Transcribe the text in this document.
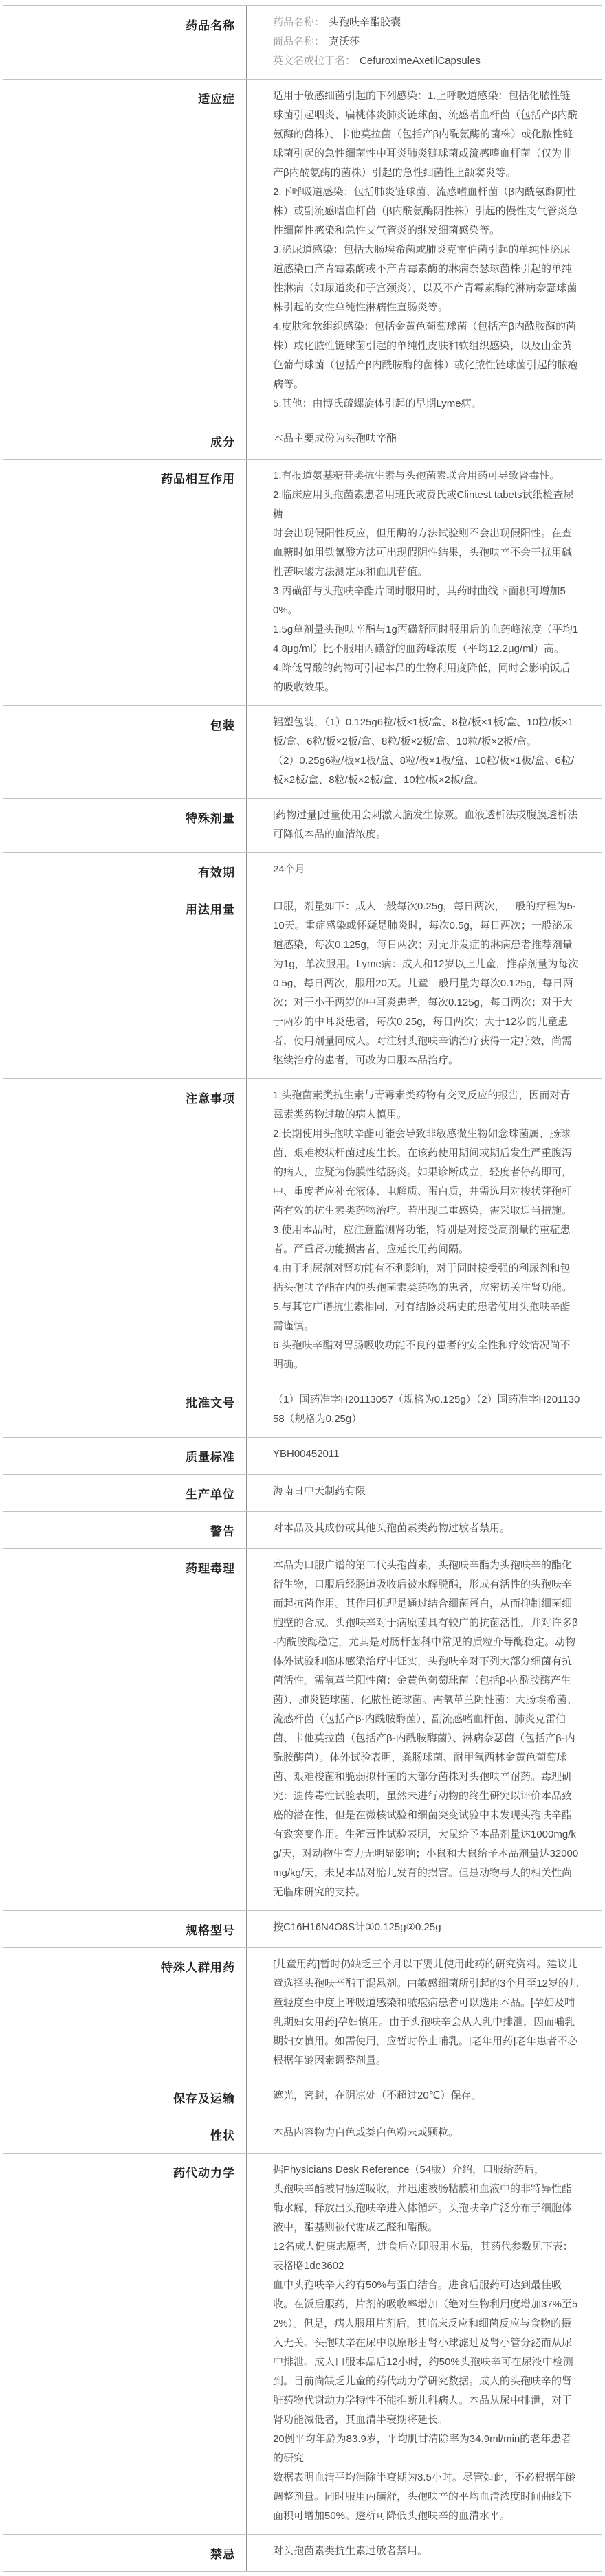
药品名称	药品名称： 头孢呋辛酯胶囊

商品名称： 克沃莎

英文名或拉丁名： CefuroximeAxetilCapsules

适应症	适用于敏感细菌引起的下列感染：1.上呼吸道感染：包括化脓性链球菌引起咽炎、扁桃体炎肺炎链球菌、流感嗜血杆菌（包括产β内酰氨酶的菌株）、卡他莫拉菌（包括产β内酰氨酶的菌株）或化脓性链球菌引起的急性细菌性中耳炎肺炎链球菌或流感嗜血杆菌（仅为非产β内酰氨酶的菌株）引起的急性细菌性上颌窦炎等。

2.下呼吸道感染：包括肺炎链球菌、流感嗜血杆菌（β内酰氨酶阴性株）或副流感嗜血杆菌（β内酰氨酶阴性株）引起的慢性支气管炎急性细菌性感染和急性支气管炎的继发细菌感染等。

3.泌尿道感染：包括大肠埃希菌或肺炎克雷伯菌引起的单纯性泌尿道感染由产青霉素酶或不产青霉素酶的淋病奈瑟球菌株引起的单纯性淋病（如尿道炎和子宫颈炎），以及不产青霉素酶的淋病奈瑟球菌株引起的女性单纯性淋病性直肠炎等。

4.皮肤和软组织感染：包括金黄色葡萄球菌（包括产β内酰胺酶的菌株）或化脓性链球菌引起的单纯性皮肤和软组织感染，以及由金黄色葡萄球菌（包括产β内酰胺酶的菌株）或化脓性链球菌引起的脓疱病等。

5.其他：由博氏疏螺旋体引起的早期Lyme病。

成分	本品主要成份为头孢呋辛酯

药品相互作用	1.有报道氨基糖苷类抗生素与头孢菌素联合用药可导致肾毒性。

2.临床应用头孢菌素患者用班氏或费氏或Clintest tabets试纸检查尿糖

时会出现假阳性反应，但用酶的方法试验则不会出现假阳性。在查血糖时如用铁氰酸方法可出现假阴性结果，头孢呋辛不会干扰用碱性苦味酸方法测定尿和血肌苷值。

3.丙磺舒与头孢呋辛酯片同时服用时，其药时曲线下面积可增加50%。

1.5g单剂量头孢呋辛酯与1g丙磺舒同时服用后的血药峰浓度（平均14.8μg/ml）比不服用丙磺舒的血药峰浓度（平均12.2μg/ml）高。

4.降低胃酸的药物可引起本品的生物利用度降低，同时会影响饭后的吸收效果。

包装	铝塑包装，（1）0.125g6粒/板×1板/盒、8粒/板×1板/盒、10粒/板×1板/盒、6粒/板×2板/盒、8粒/板×2板/盒、10粒/板×2板/盒。

（2）0.25g6粒/板×1板/盒、8粒/板×1板/盒、10粒/板×1板/盒、6粒/板×2板/盒、8粒/板×2板/盒、10粒/板×2板/盒。

特殊剂量	[药物过量]过量使用会刺激大脑发生惊厥。血液透析法或腹膜透析法可降低本品的血清浓度。

有效期	24个月

用法用量	口服，剂量如下：成人一般每次0.25g，每日两次，一般的疗程为5-10天。重症感染或怀疑是肺炎时，每次0.5g，每日两次；一般泌尿道感染，每次0.125g，每日两次；对无并发症的淋病患者推荐剂量为1g，单次服用。Lyme病：成人和12岁以上儿童，推荐剂量为每次0.5g，每日两次，服用20天。儿童一般用量为每次0.125g，每日两次；对于小于两岁的中耳炎患者，每次0.125g，每日两次；对于大于两岁的中耳炎患者，每次0.25g，每日两次；大于12岁的儿童患者，使用剂量同成人。对注射头孢呋辛钠治疗获得一定疗效，尚需继续治疗的患者，可改为口服本品治疗。

注意事项	1.头孢菌素类抗生素与青霉素类药物有交叉反应的报告，因而对青霉素类药物过敏的病人慎用。

2.长期使用头孢呋辛酯可能会导致非敏感微生物如念珠菌属、肠球菌、艰难梭状杆菌过度生长。在该药使用期间或期后发生严重腹泻的病人，应疑为伪膜性结肠炎。如果诊断成立，轻度者停药即可，中、重度者应补充液体、电解质、蛋白质，并需选用对梭状芽孢杆菌有效的抗生素类药物治疗。若出现二重感染，需采取适当措施。

3.使用本品时，应注意监测肾功能，特别是对接受高剂量的重症患者。严重肾功能损害者，应延长用药间隔。

4.由于利尿剂对肾功能有不利影响，对于同时接受强的利尿剂和包括头孢呋辛酯在内的头孢菌素类药物的患者，应密切关注肾功能。

5.与其它广谱抗生素相同，对有结肠炎病史的患者使用头孢呋辛酯需谨慎。

6.头孢呋辛酯对胃肠吸收功能不良的患者的安全性和疗效情况尚不明确。

批准文号	（1）国药准字H20113057（规格为0.125g）（2）国药准字H20113058（规格为0.25g）

质量标准	YBH00452011

生产单位	海南日中天制药有限

警告	对本品及其成份或其他头孢菌素类药物过敏者禁用。

药理毒理	本品为口服广谱的第二代头孢菌素，头孢呋辛酯为头孢呋辛的酯化衍生物，口服后经肠道吸收后被水解脱酯，形成有活性的头孢呋辛而起抗菌作用。其作用机理是通过结合细菌蛋白，从而抑制细菌细胞壁的合成。头孢呋辛对于病原菌具有较广的抗菌活性，并对许多β-内酰胺酶稳定，尤其是对肠杆菌科中常见的质粒介导酶稳定。动物体外试验和临床感染治疗中证实，头孢呋辛对下列大部分细菌有抗菌活性。需氧革兰阳性菌：金黄色葡萄球菌（包括β-内酰胺酶产生菌）、肺炎链球菌、化脓性链球菌。需氧革兰阴性菌：大肠埃希菌、流感杆菌（包括产β-内酰胺酶菌）、副流感嗜血杆菌、肺炎克雷伯菌、卡他莫拉菌（包括产β-内酰胺酶菌）、淋病奈瑟菌（包括产β-内酰胺酶菌）。体外试验表明，粪肠球菌、耐甲氧西林金黄色葡萄球菌、艰难梭菌和脆弱拟杆菌的大部分菌株对头孢呋辛耐药。毒理研究：遗传毒性试验表明，虽然未进行动物的终生研究以评价本品致癌的潜在性，但是在微核试验和细菌突变试验中未发现头孢呋辛酯有致突变作用。生殖毒性试验表明，大鼠给予本品剂量达1000mg/kg/天，对动物生育力无明显影响；小鼠和大鼠给予本品剂量达32000mg/kg/天，未见本品对胎儿发育的损害。但是动物与人的相关性尚无临床研究的支持。

规格型号	按C16H16N4O8S计①0.125g②0.25g

特殊人群用药	[儿童用药]暂时仍缺乏三个月以下婴儿使用此药的研究资料。建议儿童选择头孢呋辛酯干混悬剂。由敏感细菌所引起的3个月至12岁的儿童轻度至中度上呼吸道感染和脓疱病患者可以选用本品。[孕妇及哺乳期妇女用药]孕妇慎用。由于头孢呋辛会从人乳中排泄，因而哺乳期妇女慎用。如需使用，应暂时停止哺乳。[老年用药]老年患者不必根据年龄因素调整剂量。

保存及运输	遮光，密封，在阴凉处（不超过20℃）保存。

性状	本品内容物为白色或类白色粉末或颗粒。

药代动力学	据Physicians Desk Reference（54版）介绍，口服给药后，

头孢呋辛酯被胃肠道吸收，并迅速被肠粘膜和血液中的非特异性酯酶水解，释放出头孢呋辛进入体循环。头孢呋辛广泛分布于细胞体液中，酯基则被代谢成乙醛和醋酸。

12名成人健康志愿者，进食后立即服用本品，其药代参数见下表：表格略1de3602

血中头孢呋辛大约有50%与蛋白结合。进食后服药可达到最佳吸收。在饭后服药，片剂的吸收率增加（绝对生物利用度增加37%至52%）。但是，病人服用片剂后，其临床反应和细菌反应与食物的摄入无关。头孢呋辛在尿中以原形由肾小球滤过及肾小管分泌而从尿中排泄。成人口服本品后12小时，约50%头孢呋辛可在尿液中检测到。目前尚缺乏儿童的药代动力学研究数据。成人的头孢呋辛的肾脏药物代谢动力学特性不能推断儿科病人。本品从尿中排泄，对于肾功能减低者，其血清半衰期将延长。

20例平均年龄为83.9岁，平均肌甘清除率为34.9ml/min的老年患者的研究

数据表明血清平均消除半衰期为3.5小时。尽管如此，不必根据年龄调整剂量。同时服用丙磺舒，头孢呋辛的平均血清浓度时间曲线下面积可增加50%。透析可降低头孢呋辛的血清水平。

禁忌	对头孢菌素类抗生素过敏者禁用。
